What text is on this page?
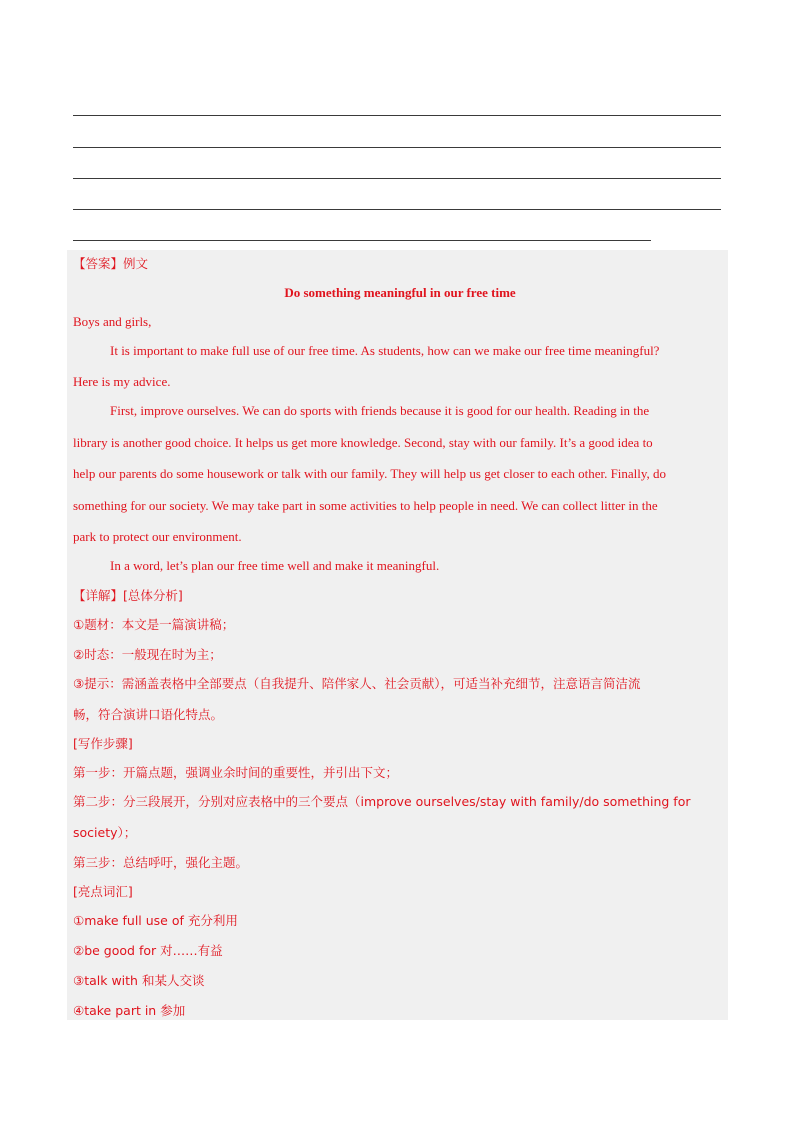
【答案】例文
Do something meaningful in our free time
Boys and girls,
It is important to make full use of our free time. As students, how can we make our free time meaningful?
Here is my advice.
First, improve ourselves. We can do sports with friends because it is good for our health. Reading in the
library is another good choice. It helps us get more knowledge. Second, stay with our family. It’s a good idea to
help our parents do some housework or talk with our family. They will help us get closer to each other. Finally, do
something for our society. We may take part in some activities to help people in need. We can collect litter in the
park to protect our environment.
In a word, let’s plan our free time well and make it meaningful.
【详解】[总体分析]
①题材：本文是一篇演讲稿；
②时态：一般现在时为主；
③提示：需涵盖表格中全部要点（自我提升、陪伴家人、社会贡献），可适当补充细节，注意语言简洁流
畅，符合演讲口语化特点。
[写作步骤]
第一步：开篇点题，强调业余时间的重要性，并引出下文；
第二步：分三段展开，分别对应表格中的三个要点（improve ourselves/stay with family/do something for
society）；
第三步：总结呼吁，强化主题。
[亮点词汇]
①make full use of 充分利用
②be good for 对……有益
③talk with 和某人交谈
④take part in 参加
